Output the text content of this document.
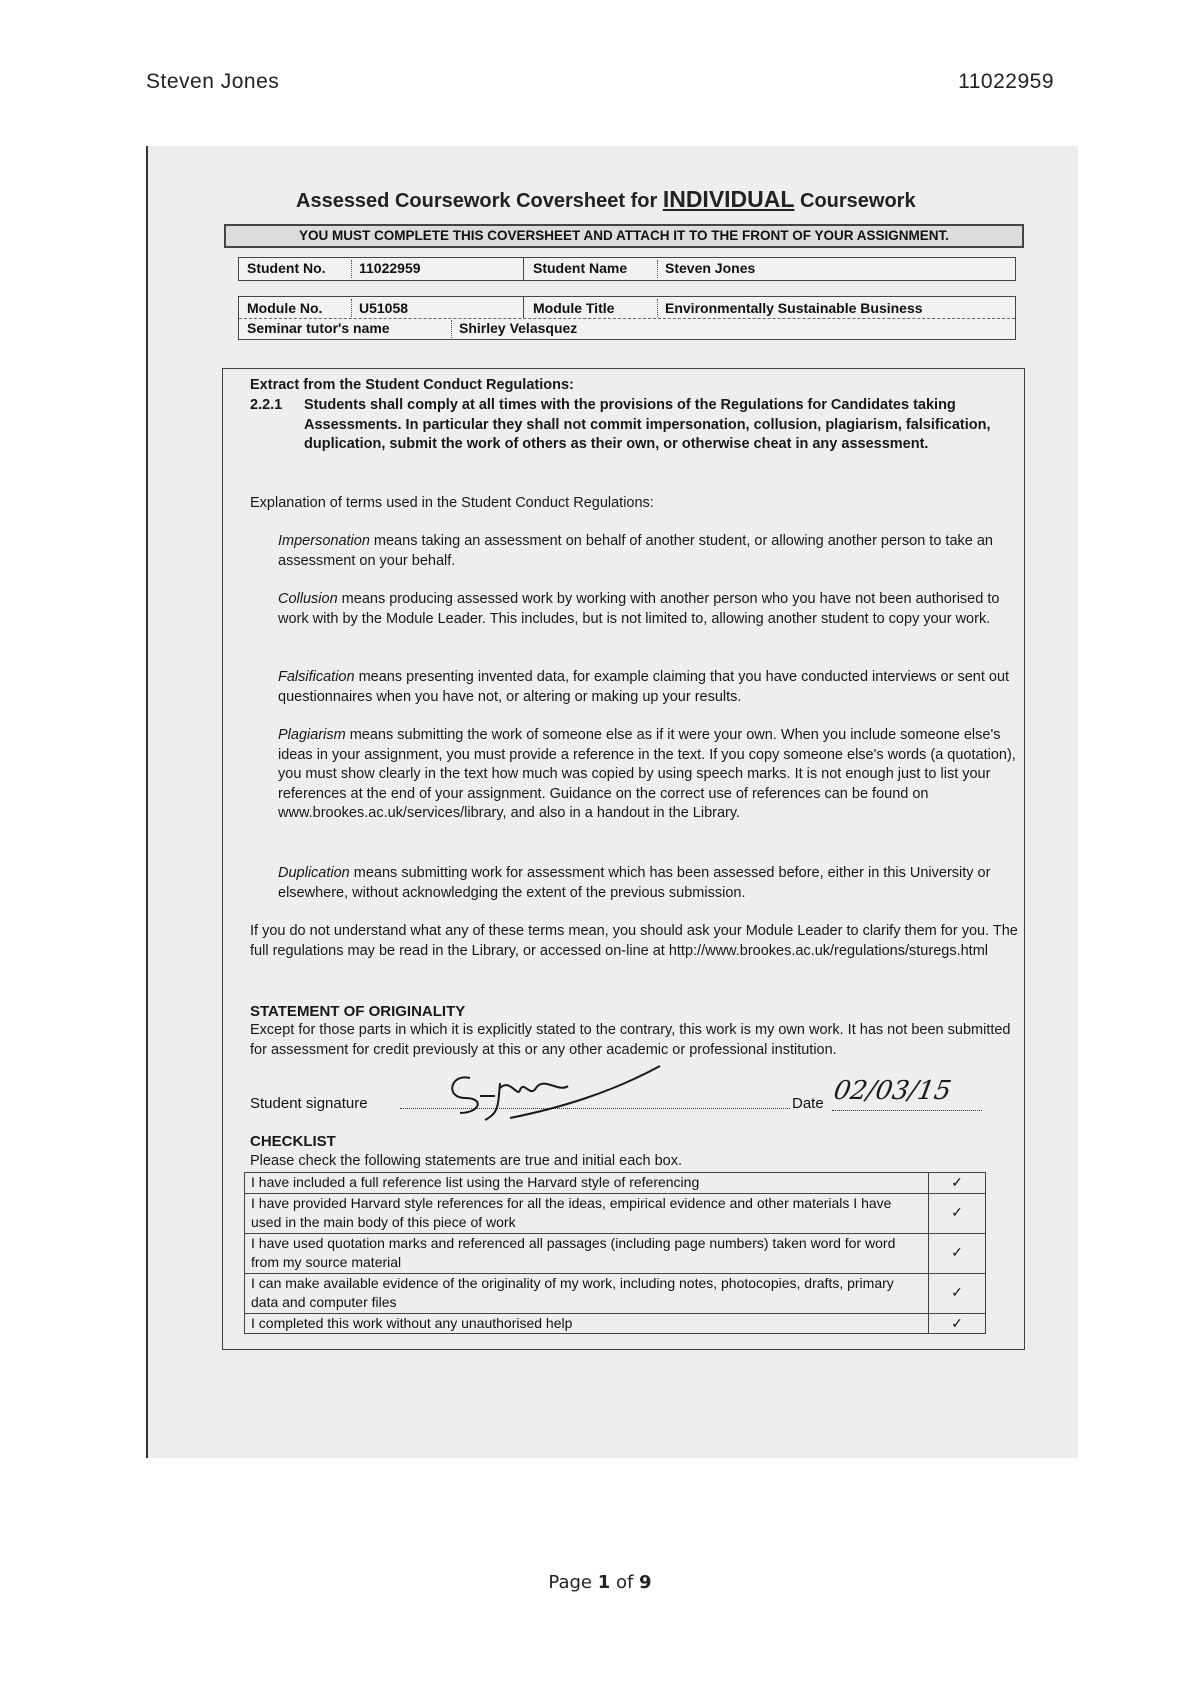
Steven Jones	11022959
Assessed Coursework Coversheet for INDIVIDUAL Coursework
YOU MUST COMPLETE THIS COVERSHEET AND ATTACH IT TO THE FRONT OF YOUR ASSIGNMENT.
Student No. 11022959	Student Name	Steven Jones
Module No.	U51058	Module Title	Environmentally Sustainable Business
Seminar tutor's name	Shirley Velasquez
Extract from the Student Conduct Regulations:
2.2.1 Students shall comply at all times with the provisions of the Regulations for Candidates taking Assessments. In particular they shall not commit impersonation, collusion, plagiarism, falsification, duplication, submit the work of others as their own, or otherwise cheat in any assessment.
Explanation of terms used in the Student Conduct Regulations:
Impersonation means taking an assessment on behalf of another student, or allowing another person to take an assessment on your behalf.
Collusion means producing assessed work by working with another person who you have not been authorised to work with by the Module Leader. This includes, but is not limited to, allowing another student to copy your work.
Falsification means presenting invented data, for example claiming that you have conducted interviews or sent out questionnaires when you have not, or altering or making up your results.
Plagiarism means submitting the work of someone else as if it were your own. When you include someone else's ideas in your assignment, you must provide a reference in the text. If you copy someone else's words (a quotation), you must show clearly in the text how much was copied by using speech marks. It is not enough just to list your references at the end of your assignment. Guidance on the correct use of references can be found on www.brookes.ac.uk/services/library, and also in a handout in the Library.
Duplication means submitting work for assessment which has been assessed before, either in this University or elsewhere, without acknowledging the extent of the previous submission.
If you do not understand what any of these terms mean, you should ask your Module Leader to clarify them for you. The full regulations may be read in the Library, or accessed on-line at http://www.brookes.ac.uk/regulations/sturegs.html
STATEMENT OF ORIGINALITY
Except for those parts in which it is explicitly stated to the contrary, this work is my own work. It has not been submitted for assessment for credit previously at this or any other academic or professional institution.
Student signature	Date 02/03/15
CHECKLIST
Please check the following statements are true and initial each box.
I have included a full reference list using the Harvard style of referencing	✓
I have provided Harvard style references for all the ideas, empirical evidence and other materials I have used in the main body of this piece of work	✓
I have used quotation marks and referenced all passages (including page numbers) taken word for word from my source material	✓
I can make available evidence of the originality of my work, including notes, photocopies, drafts, primary data and computer files	✓
I completed this work without any unauthorised help	✓
Page 1 of 9
